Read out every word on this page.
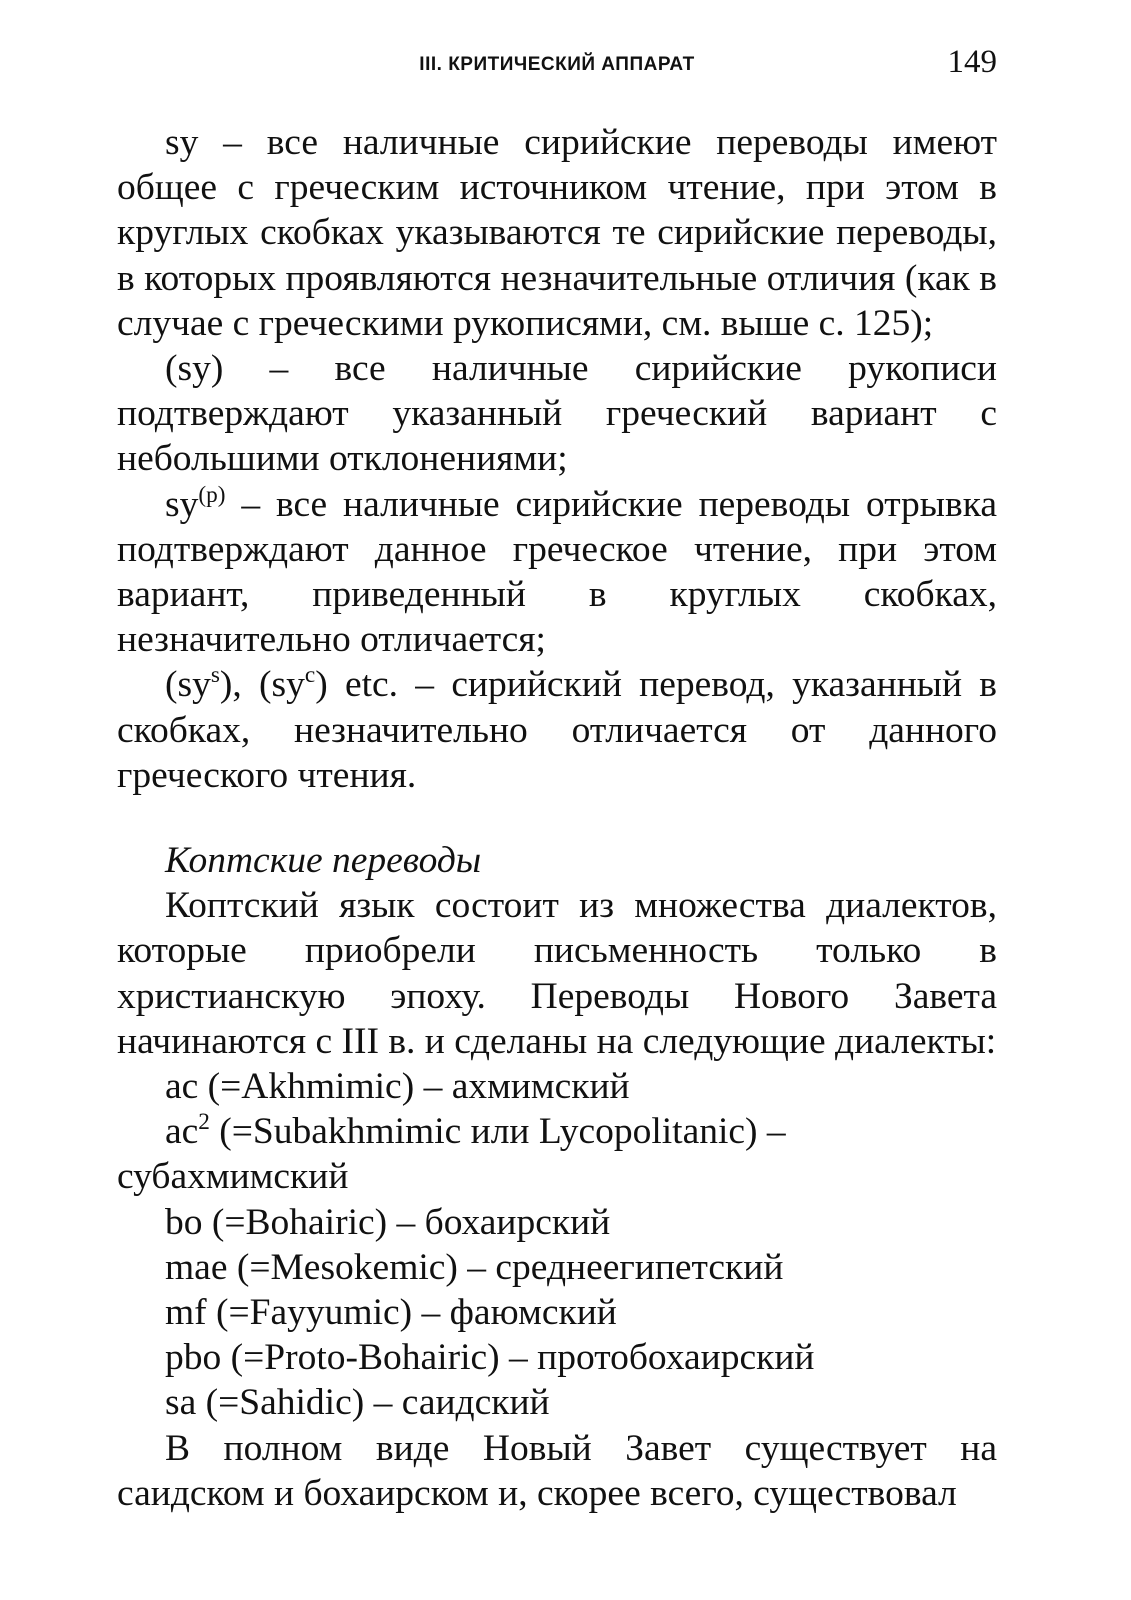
III. КРИТИЧЕСКИЙ АППАРАТ	149

sy – все наличные сирийские переводы имеют общее с греческим источником чтение, при этом в круглых скобках указываются те сирийские переводы, в которых проявляются незначительные отличия (как в случае с греческими рукописями, см. выше с. 125);

(sy) – все наличные сирийские рукописи подтверждают указанный греческий вариант с небольшими отклонениями;

$sy^{(p)}$ – все наличные сирийские переводы отрывка подтверждают данное греческое чтение, при этом вариант, приведенный в круглых скобках, незначительно отличается;

$(sy^s)$, $(sy^c)$ etc. – сирийский перевод, указанный в скобках, незначительно отличается от данного греческого чтения.

Коптские переводы

Коптский язык состоит из множества диалектов, которые приобрели письменность только в христианскую эпоху. Переводы Нового Завета начинаются с III в. и сделаны на следующие диалекты:

ac (=Akhmimic) – ахмимский

$ac^2$ (=Subakhmimic или Lycopolitanic) – субахмимский

bo (=Bohairic) – бохаирский

mae (=Mesokemic) – среднеегипетский

mf (=Fayyumic) – фаюмский

pbo (=Proto-Bohairic) – протобохаирский

sa (=Sahidic) – саидский

В полном виде Новый Завет существует на саидском и бохаирском и, скорее всего, существовал
